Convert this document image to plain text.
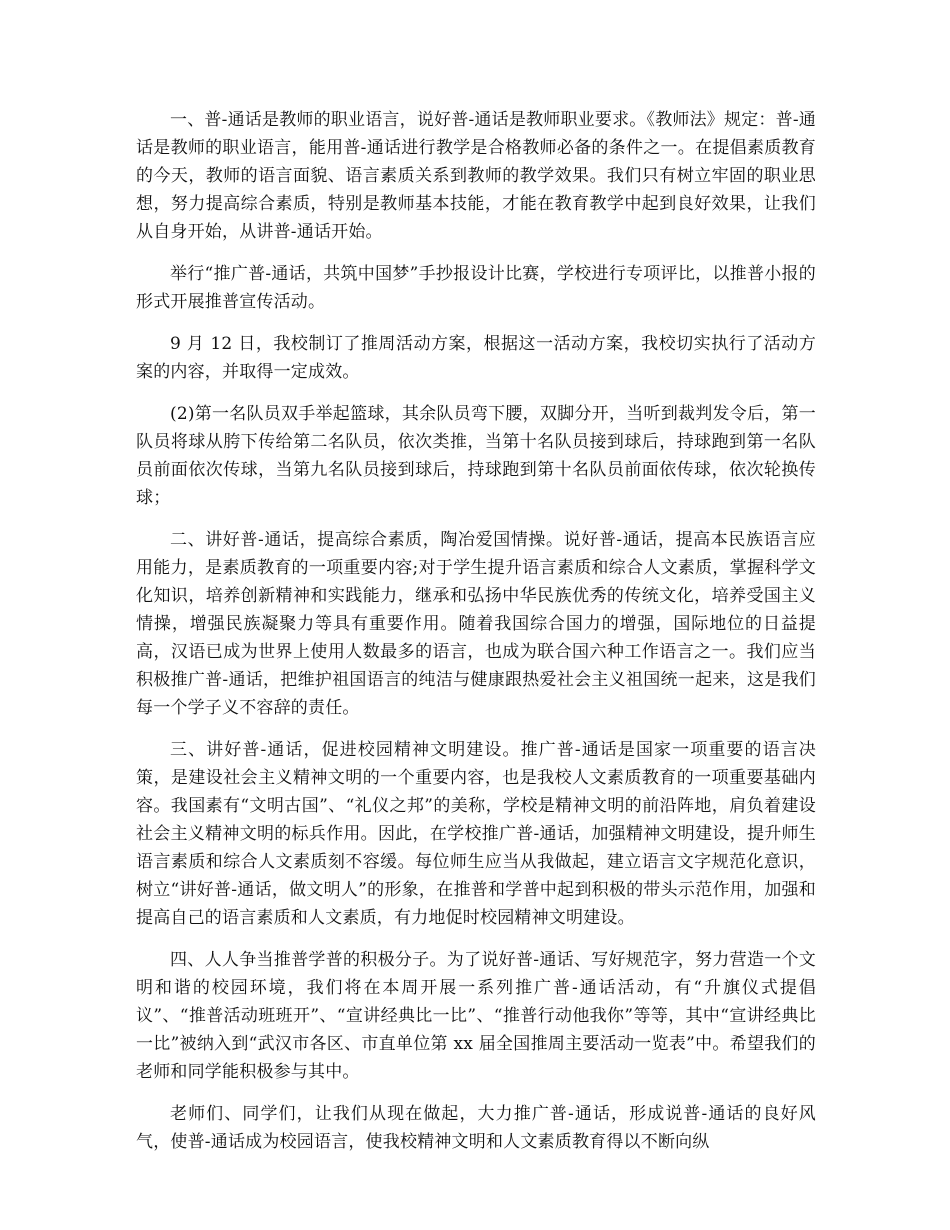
一、普-通话是教师的职业语言，说好普-通话是教师职业要求。《教师法》规定：普-通话是教师的职业语言，能用普-通话进行教学是合格教师必备的条件之一。在提倡素质教育的今天，教师的语言面貌、语言素质关系到教师的教学效果。我们只有树立牢固的职业思想，努力提高综合素质，特别是教师基本技能，才能在教育教学中起到良好效果，让我们从自身开始，从讲普-通话开始。

举行“推广普-通话，共筑中国梦”手抄报设计比赛，学校进行专项评比，以推普小报的形式开展推普宣传活动。

9 月 12 日，我校制订了推周活动方案，根据这一活动方案，我校切实执行了活动方案的内容，并取得一定成效。

(2)第一名队员双手举起篮球，其余队员弯下腰，双脚分开，当听到裁判发令后，第一队员将球从胯下传给第二名队员，依次类推，当第十名队员接到球后，持球跑到第一名队员前面依次传球，当第九名队员接到球后，持球跑到第十名队员前面依传球，依次轮换传球；

二、讲好普-通话，提高综合素质，陶冶爱国情操。说好普-通话，提高本民族语言应用能力，是素质教育的一项重要内容;对于学生提升语言素质和综合人文素质，掌握科学文化知识，培养创新精神和实践能力，继承和弘扬中华民族优秀的传统文化，培养受国主义情操，增强民族凝聚力等具有重要作用。随着我国综合国力的增强，国际地位的日益提高，汉语已成为世界上使用人数最多的语言，也成为联合国六种工作语言之一。我们应当积极推广普-通话，把维护祖国语言的纯洁与健康跟热爱社会主义祖国统一起来，这是我们每一个学子义不容辞的责任。

三、讲好普-通话，促进校园精神文明建设。推广普-通话是国家一项重要的语言决策，是建设社会主义精神文明的一个重要内容，也是我校人文素质教育的一项重要基础内容。我国素有“文明古国”、“礼仪之邦”的美称，学校是精神文明的前沿阵地，肩负着建设社会主义精神文明的标兵作用。因此，在学校推广普-通话，加强精神文明建设，提升师生语言素质和综合人文素质刻不容缓。每位师生应当从我做起，建立语言文字规范化意识，树立“讲好普-通话，做文明人”的形象，在推普和学普中起到积极的带头示范作用，加强和提高自己的语言素质和人文素质，有力地促时校园精神文明建设。

四、人人争当推普学普的积极分子。为了说好普-通话、写好规范字，努力营造一个文明和谐的校园环境，我们将在本周开展一系列推广普-通话活动，有“升旗仪式提倡议”、“推普活动班班开”、“宣讲经典比一比”、“推普行动他我你”等等，其中“宣讲经典比一比”被纳入到“武汉市各区、市直单位第 xx 届全国推周主要活动一览表”中。希望我们的老师和同学能积极参与其中。

老师们、同学们，让我们从现在做起，大力推广普-通话，形成说普-通话的良好风气，使普-通话成为校园语言，使我校精神文明和人文素质教育得以不断向纵
